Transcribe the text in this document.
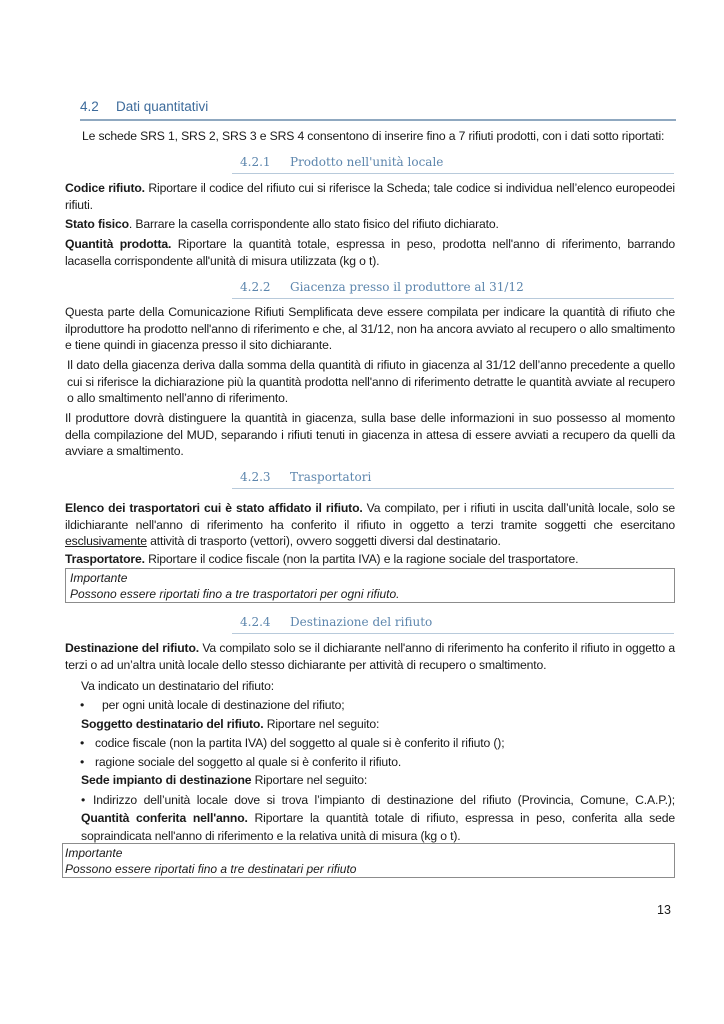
4.2 Dati quantitativi
Le schede SRS 1, SRS 2, SRS 3 e SRS 4 consentono di inserire fino a 7 rifiuti prodotti, con i dati sotto riportati:
4.2.1 Prodotto nell'unità locale
Codice rifiuto. Riportare il codice del rifiuto cui si riferisce la Scheda; tale codice si individua nell’elenco europeodei rifiuti.
Stato fisico. Barrare la casella corrispondente allo stato fisico del rifiuto dichiarato.
Quantità prodotta. Riportare la quantità totale, espressa in peso, prodotta nell'anno di riferimento, barrando lacasella corrispondente all'unità di misura utilizzata (kg o t).
4.2.2 Giacenza presso il produttore al 31/12
Questa parte della Comunicazione Rifiuti Semplificata deve essere compilata per indicare la quantità di rifiuto che ilproduttore ha prodotto nell'anno di riferimento e che, al 31/12, non ha ancora avviato al recupero o allo smaltimento e tiene quindi in giacenza presso il sito dichiarante.
Il dato della giacenza deriva dalla somma della quantità di rifiuto in giacenza al 31/12 dell’anno precedente a quello cui si riferisce la dichiarazione più la quantità prodotta nell'anno di riferimento detratte le quantità avviate al recupero o allo smaltimento nell’anno di riferimento.
Il produttore dovrà distinguere la quantità in giacenza, sulla base delle informazioni in suo possesso al momento della compilazione del MUD, separando i rifiuti tenuti in giacenza in attesa di essere avviati a recupero da quelli da avviare a smaltimento.
4.2.3 Trasportatori
Elenco dei trasportatori cui è stato affidato il rifiuto. Va compilato, per i rifiuti in uscita dall’unità locale, solo se ildichiarante nell'anno di riferimento ha conferito il rifiuto in oggetto a terzi tramite soggetti che esercitano esclusivamente attività di trasporto (vettori), ovvero soggetti diversi dal destinatario.
Trasportatore. Riportare il codice fiscale (non la partita IVA) e la ragione sociale del trasportatore.
Importante
Possono essere riportati fino a tre trasportatori per ogni rifiuto.
4.2.4 Destinazione del rifiuto
Destinazione del rifiuto. Va compilato solo se il dichiarante nell'anno di riferimento ha conferito il rifiuto in oggetto a terzi o ad un’altra unità locale dello stesso dichiarante per attività di recupero o smaltimento.
Va indicato un destinatario del rifiuto:
• per ogni unità locale di destinazione del rifiuto;
Soggetto destinatario del rifiuto. Riportare nel seguito:
• codice fiscale (non la partita IVA) del soggetto al quale si è conferito il rifiuto ();
• ragione sociale del soggetto al quale si è conferito il rifiuto.
Sede impianto di destinazione Riportare nel seguito:
• Indirizzo dell’unità locale dove si trova l’impianto di destinazione del rifiuto (Provincia, Comune, C.A.P.); Quantità conferita nell'anno. Riportare la quantità totale di rifiuto, espressa in peso, conferita alla sede sopraindicata nell'anno di riferimento e la relativa unità di misura (kg o t).
Importante
Possono essere riportati fino a tre destinatari per rifiuto
13
